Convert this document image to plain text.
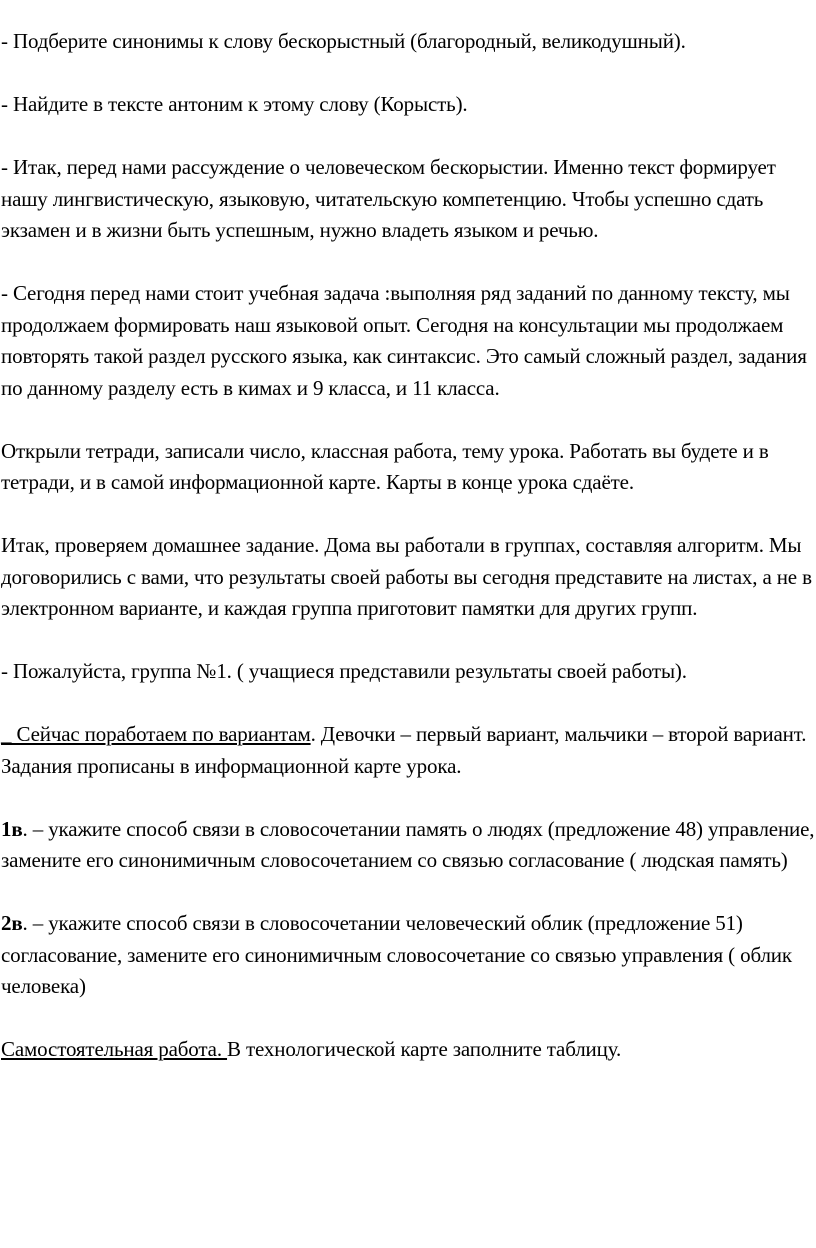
- Подберите синонимы к слову бескорыстный (благородный, великодушный).

- Найдите в тексте антоним к этому слову (Корысть).

- Итак, перед нами рассуждение о человеческом бескорыстии. Именно текст формирует нашу лингвистическую, языковую, читательскую компетенцию. Чтобы успешно сдать экзамен и в жизни быть успешным, нужно владеть языком и речью.

- Сегодня перед нами стоит учебная задача :выполняя ряд заданий по данному тексту, мы продолжаем формировать наш языковой опыт. Сегодня на консультации мы продолжаем повторять такой раздел русского языка, как синтаксис. Это самый сложный раздел, задания по данному разделу есть в кимах и 9 класса, и 11 класса.

Открыли тетради, записали число, классная работа, тему урока. Работать вы будете и в тетради, и в самой информационной карте. Карты в конце урока сдаёте.

Итак, проверяем домашнее задание. Дома вы работали в группах, составляя алгоритм. Мы договорились с вами, что результаты своей работы вы сегодня представите на листах, а не в электронном варианте, и каждая группа приготовит памятки для других групп.

- Пожалуйста, группа №1. ( учащиеся представили результаты своей работы).

_ Сейчас поработаем по вариантам. Девочки – первый вариант, мальчики – второй вариант. Задания прописаны в информационной карте урока.

1в. – укажите способ связи в словосочетании память о людях (предложение 48) управление, замените его синонимичным словосочетанием со связью согласование ( людская память)

2в. – укажите способ связи в словосочетании человеческий облик (предложение 51) согласование, замените его синонимичным словосочетание со связью управления ( облик человека)

Самостоятельная работа. В технологической карте заполните таблицу.
